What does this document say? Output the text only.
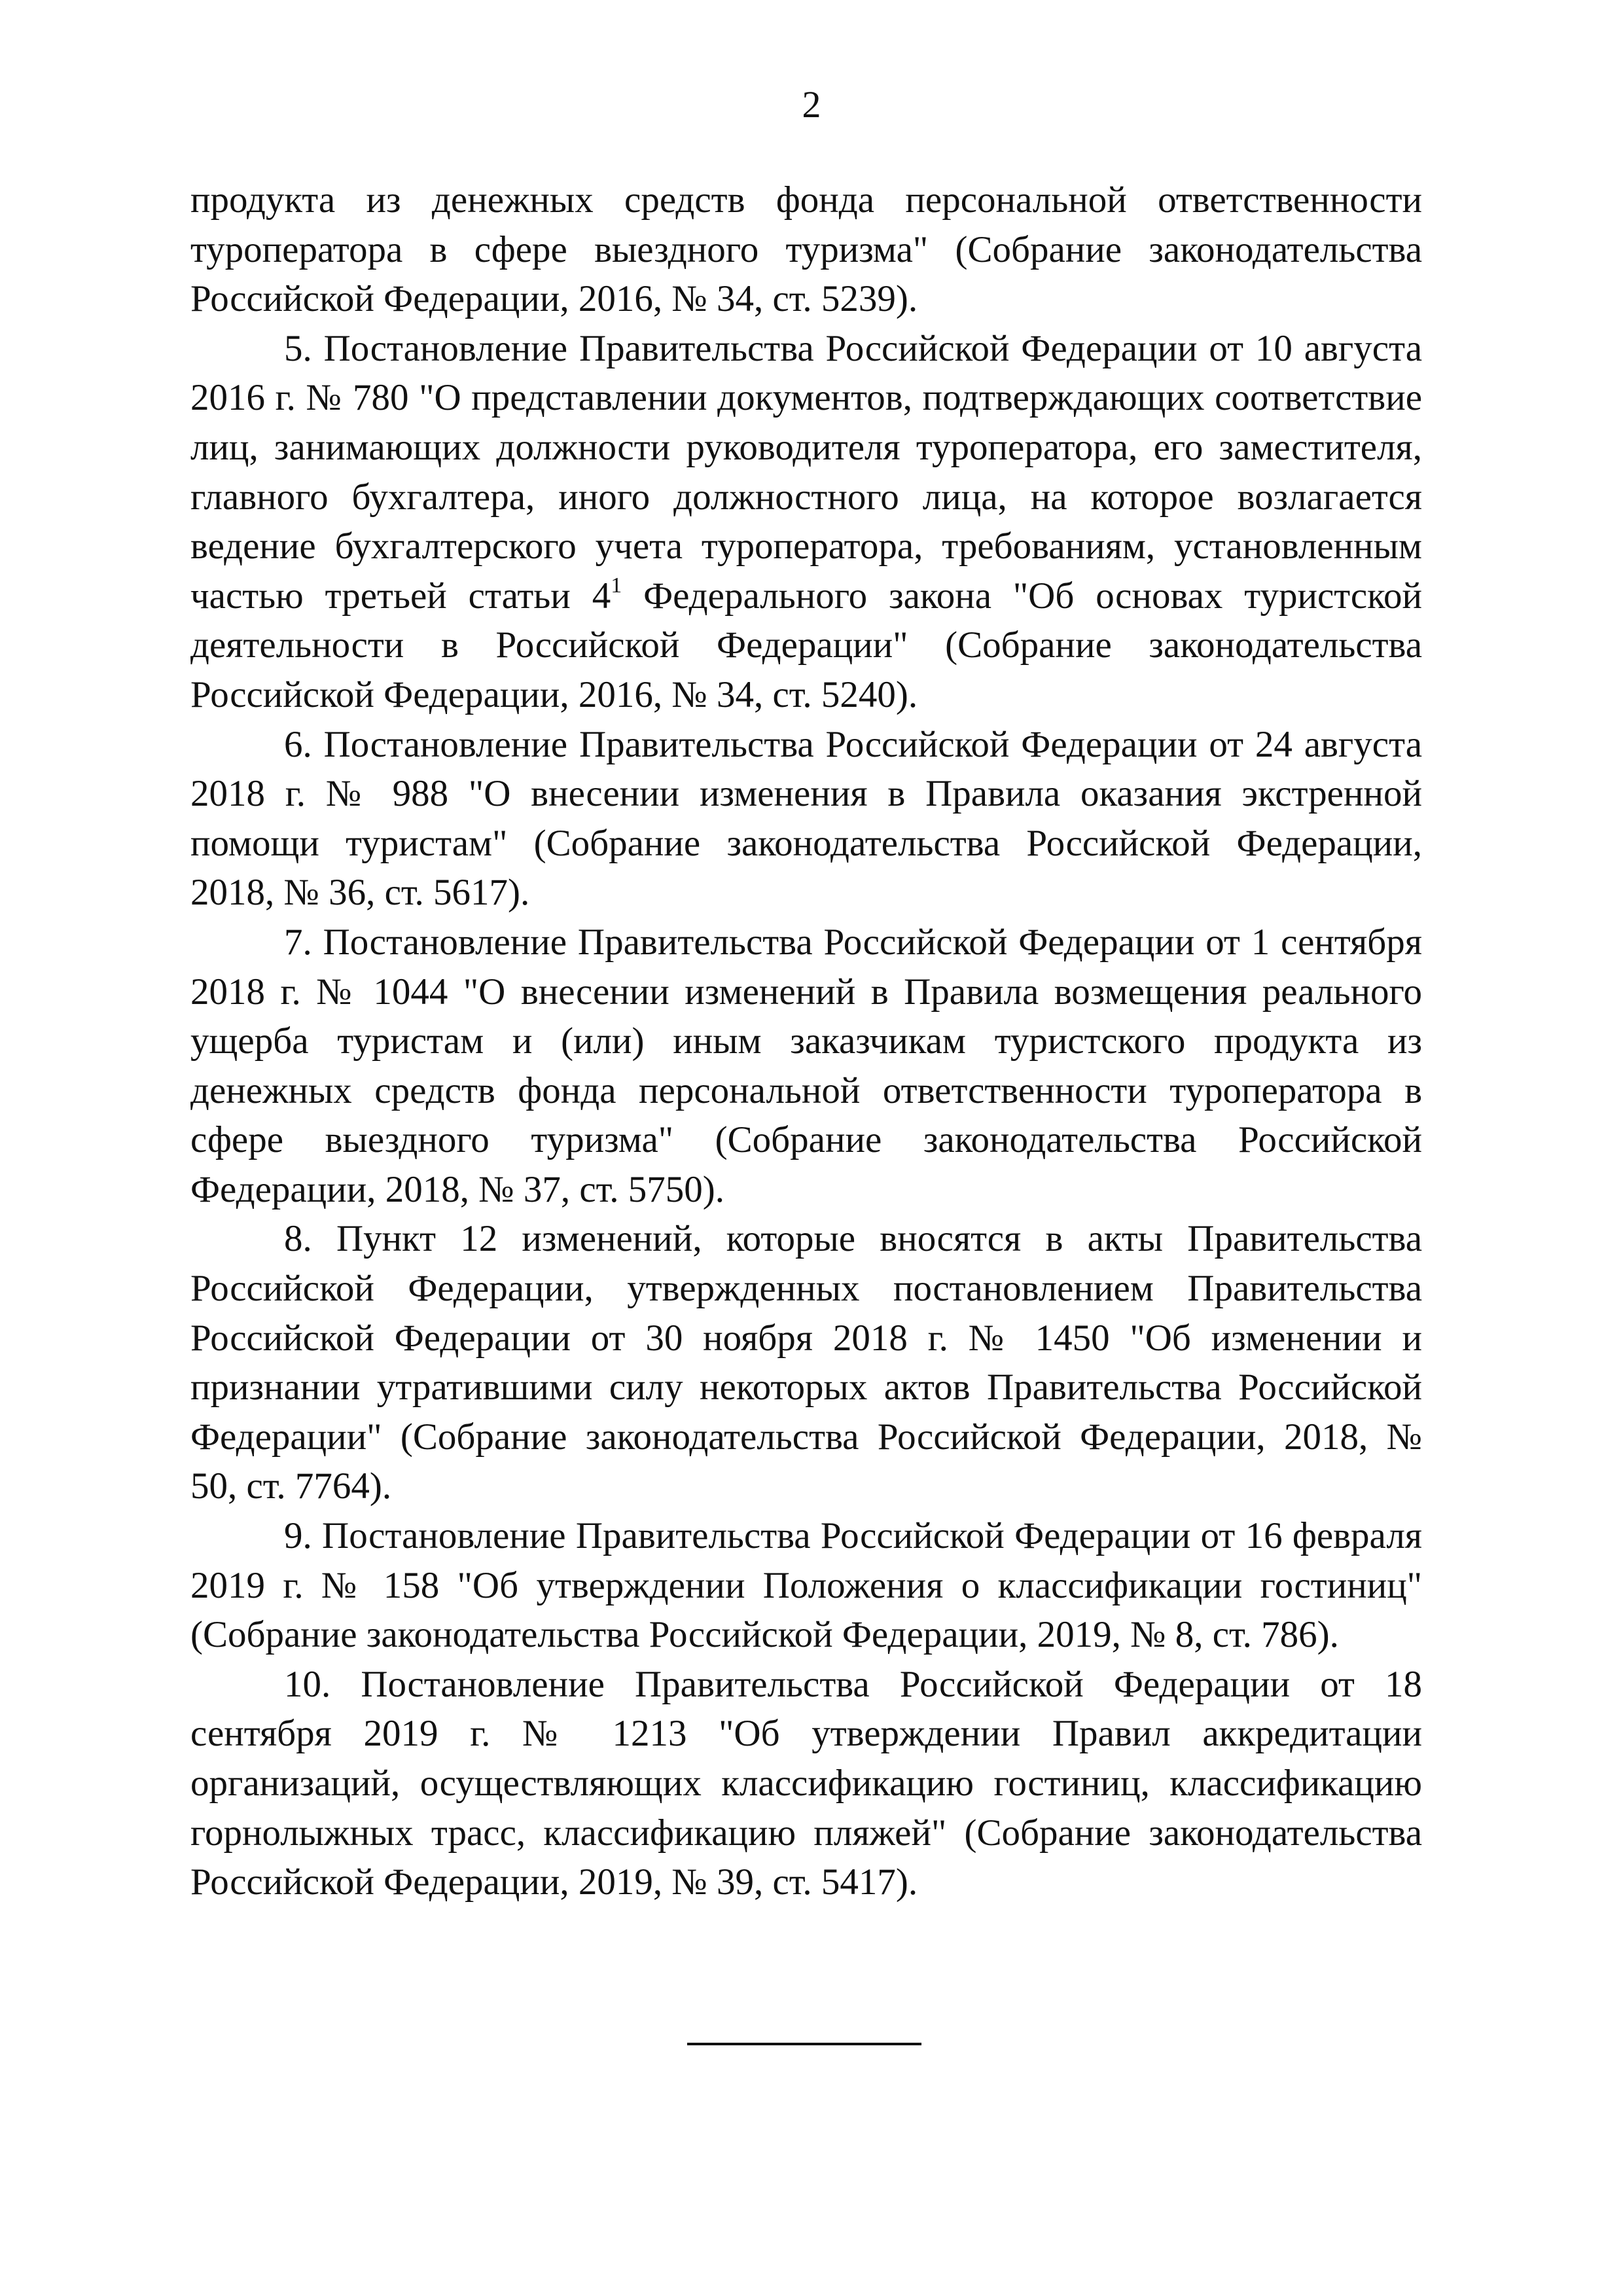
2

продукта из денежных средств фонда персональной ответственности туроператора в сфере выездного туризма" (Собрание законодательства Российской Федерации, 2016, № 34, ст. 5239).

5. Постановление Правительства Российской Федерации от 10 августа 2016 г. № 780 "О представлении документов, подтверждающих соответствие лиц, занимающих должности руководителя туроператора, его заместителя, главного бухгалтера, иного должностного лица, на которое возлагается ведение бухгалтерского учета туроператора, требованиям, установленным частью третьей статьи $4^1$ Федерального закона "Об основах туристской деятельности в Российской Федерации" (Собрание законодательства Российской Федерации, 2016, № 34, ст. 5240).

6. Постановление Правительства Российской Федерации от 24 августа 2018 г. № 988 "О внесении изменения в Правила оказания экстренной помощи туристам" (Собрание законодательства Российской Федерации, 2018, № 36, ст. 5617).

7. Постановление Правительства Российской Федерации от 1 сентября 2018 г. № 1044 "О внесении изменений в Правила возмещения реального ущерба туристам и (или) иным заказчикам туристского продукта из денежных средств фонда персональной ответственности туроператора в сфере выездного туризма" (Собрание законодательства Российской Федерации, 2018, № 37, ст. 5750).

8. Пункт 12 изменений, которые вносятся в акты Правительства Российской Федерации, утвержденных постановлением Правительства Российской Федерации от 30 ноября 2018 г. № 1450 "Об изменении и признании утратившими силу некоторых актов Правительства Российской Федерации" (Собрание законодательства Российской Федерации, 2018, № 50, ст. 7764).

9. Постановление Правительства Российской Федерации от 16 февраля 2019 г. № 158 "Об утверждении Положения о классификации гостиниц" (Собрание законодательства Российской Федерации, 2019, № 8, ст. 786).

10. Постановление Правительства Российской Федерации от 18 сентября 2019 г. № 1213 "Об утверждении Правил аккредитации организаций, осуществляющих классификацию гостиниц, классификацию горнолыжных трасс, классификацию пляжей" (Собрание законодательства Российской Федерации, 2019, № 39, ст. 5417).
